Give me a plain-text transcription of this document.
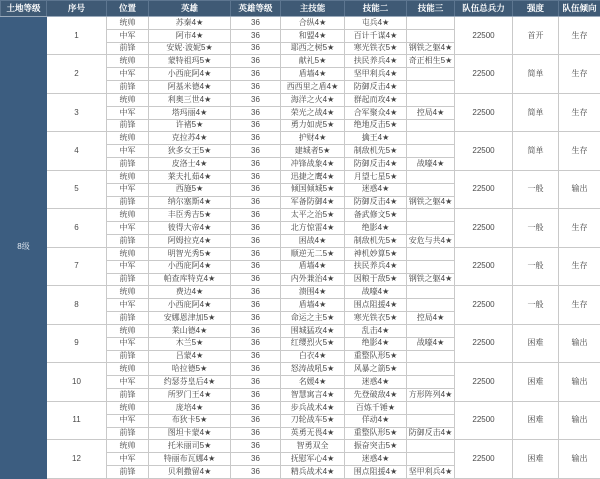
土地等级	序号	位置	英雄	英雄等级	主技能	技能二	技能三	队伍总兵力	强度	队伍倾向
8级	1	统帅	苏秦4★	36	合纵4★	屯兵4★		22500	首开	生存
		中军	阿市4★	36	和盟4★	百计千谋4★				
		前锋	安妮·波妮5★	36	耶西之树5★	寒光铁衣5★	钢铁之躯4★			
	2	统帅	蒙特祖玛5★	36	献礼5★	扶民养兵4★	奇正相生5★	22500	简单	生存
		中军	小西庇阿4★	36	盾墙4★	坚甲利兵4★				
		前锋	阿基米德4★	36	西西里之盾4★	防御反击4★				
	3	统帅	利奥三世4★	36	海洋之火4★	群起而攻4★		22500	简单	生存
		中军	塔玛丽4★	36	荣光之战4★	合军聚众4★	控局4★			
		前锋	许褚5★	36	勇力如虎5★	绝地反击5★				
	4	统帅	克拉苏4★	36	护财4★	擒王4★		22500	简单	生存
		中军	狄多女王5★	36	建城者5★	制敌机先5★				
		前锋	皮洛士4★	36	冲锋战象4★	防御反击4★	战嚎4★			
	5	统帅	莱夫扎茹4★	36	迅捷之鹰4★	月望七星5★		22500	一般	输出
		中军	西施5★	36	倾国倾城5★	迷惑4★				
		前锋	纳尔塞斯4★	36	军备防御4★	防御反击4★	钢铁之躯4★			
	6	统帅	丰臣秀吉5★	36	太平之治5★	备武修文5★		22500	一般	生存
		中军	彼得大帝4★	36	北方惊雷4★	绝影4★				
		前锋	阿姆拉克4★	36	困战4★	制敌机先5★	安危与共4★			
	7	统帅	明智光秀5★	36	顺逆无二5★	神机妙算5★		22500	一般	生存
		中军	小西庇阿4★	36	盾墙4★	扶民养兵4★				
		前锋	帕查库特克4★	36	内外兼治4★	因粮于敌5★	钢铁之躯4★			
	8	统帅	费边4★	36	溃围4★	战嚎4★		22500	一般	生存
		中军	小西庇阿4★	36	盾墙4★	围点阻援4★				
		前锋	安娜恩津加5★	36	命运之主5★	寒光铁衣5★	控局4★			
	9	统帅	莱山德4★	36	围城猛攻4★	乱击4★		22500	困难	输出
		中军	木兰5★	36	红缨烈火5★	绝影4★	战嚎4★			
		前锋	吕蒙4★	36	白衣4★	重整队形5★				
	10	统帅	哈拉德5★	36	怒涛战吼5★	风暴之箭5★		22500	困难	输出
		中军	约瑟芬皇后4★	36	名媛4★	迷惑4★				
		前锋	所罗门王4★	36	智慧寓言4★	先登破敌4★	方形阵列4★			
	11	统帅	庞培4★	36	步兵战术4★	百炼千锤★		22500	困难	输出
		中军	布狄卡5★	36	刀轮战车5★	佯动4★				
		前锋	图坦卡蒙4★	36	英勇无畏4★	重整队形5★	防御反击4★			
	12	统帅	托米丽司5★	36	智勇双全	振奋突击5★		22500	困难	输出
		中军	特丽布瓦娜4★	36	抚慰军心4★	迷惑4★				
		前锋	贝利撒留4★	36	精兵战术4★	围点阻援4★	坚甲利兵4★			
